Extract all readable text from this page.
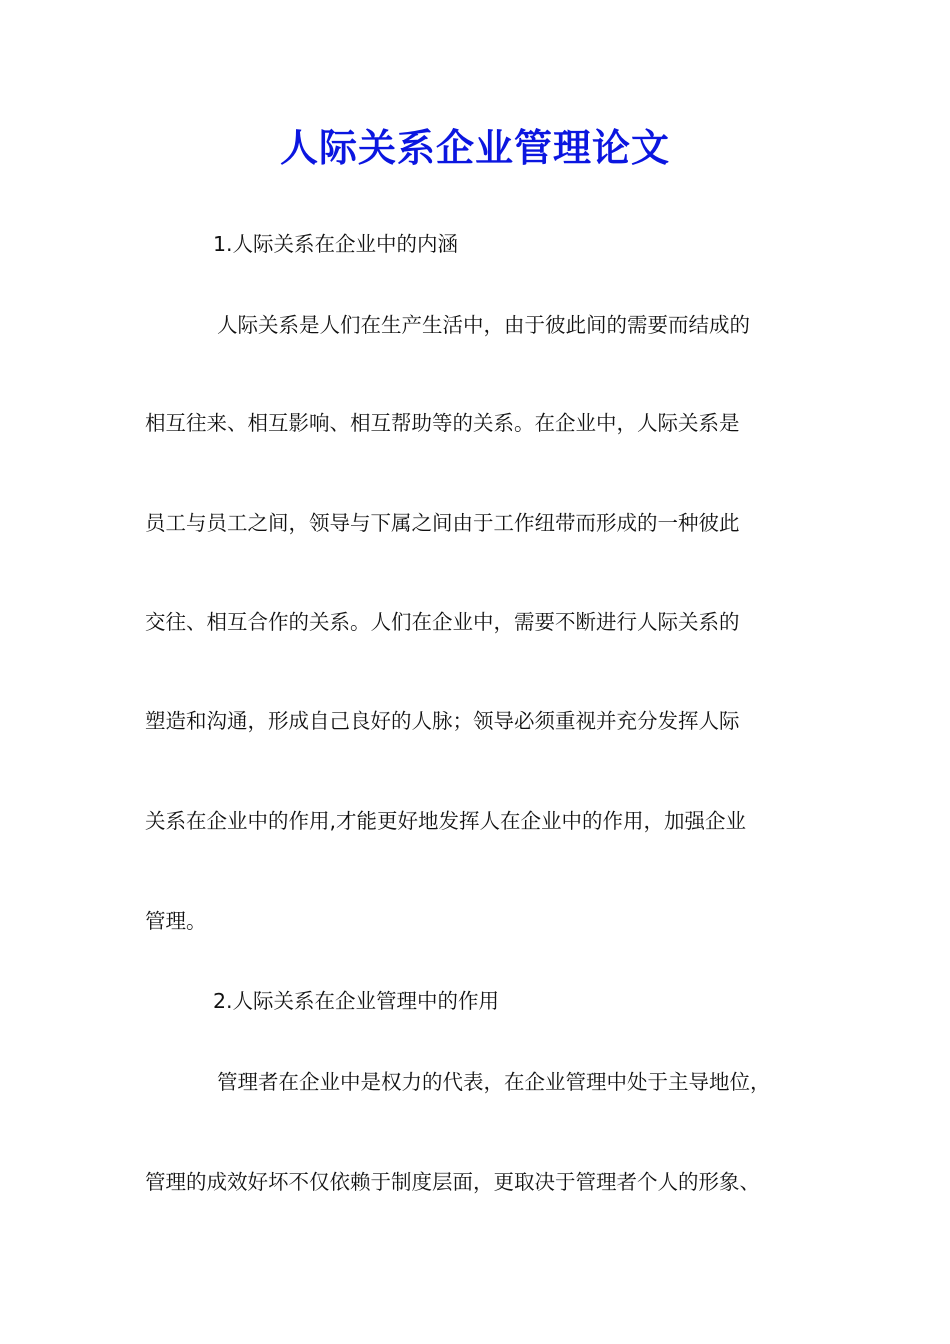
人际关系企业管理论文

1.人际关系在企业中的内涵

人际关系是人们在生产生活中，由于彼此间的需要而结成的

相互往来、相互影响、相互帮助等的关系。在企业中，人际关系是

员工与员工之间，领导与下属之间由于工作纽带而形成的一种彼此

交往、相互合作的关系。人们在企业中，需要不断进行人际关系的

塑造和沟通，形成自己良好的人脉；领导必须重视并充分发挥人际

关系在企业中的作用,才能更好地发挥人在企业中的作用，加强企业

管理。

2.人际关系在企业管理中的作用

管理者在企业中是权力的代表，在企业管理中处于主导地位，

管理的成效好坏不仅依赖于制度层面，更取决于管理者个人的形象、
